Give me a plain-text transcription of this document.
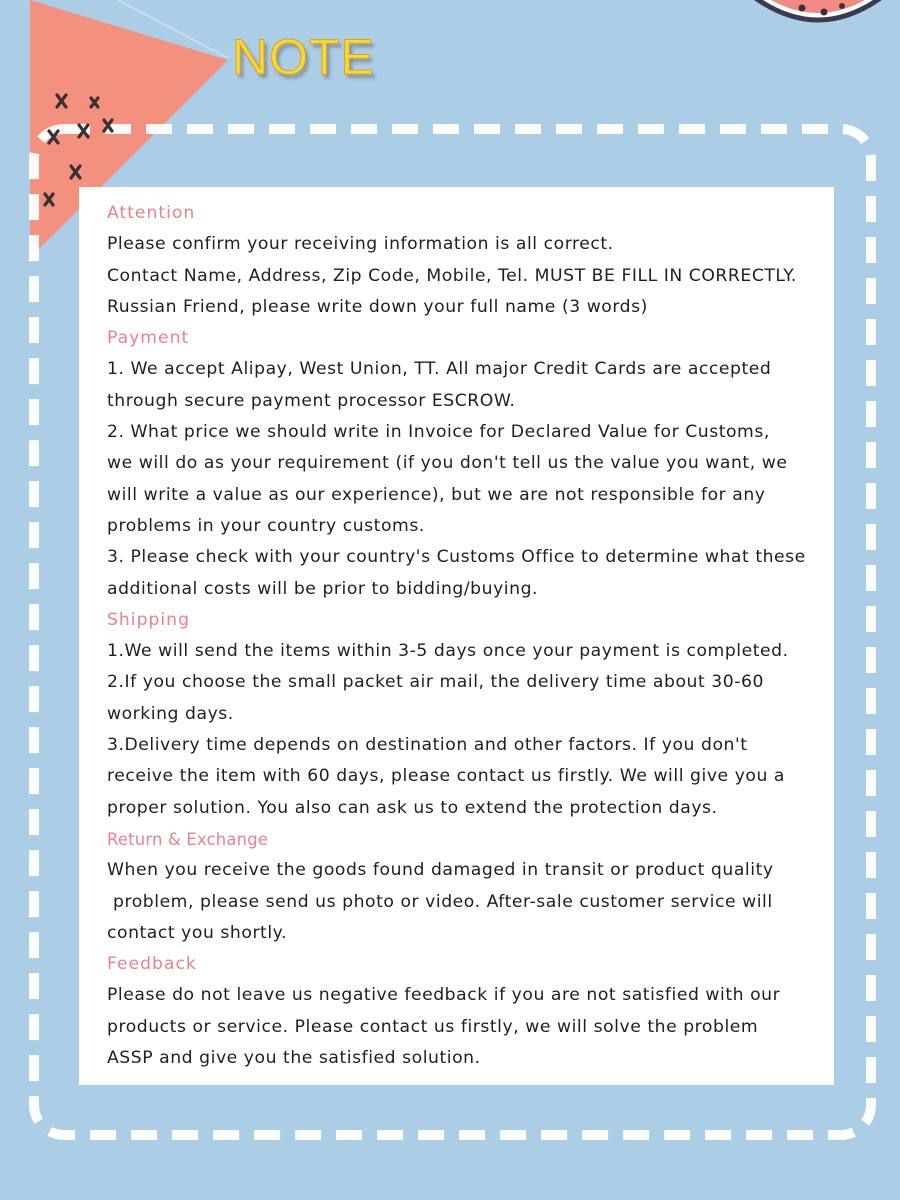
NOTE
Attention
Please confirm your receiving information is all correct.
Contact Name, Address, Zip Code, Mobile, Tel. MUST BE FILL IN CORRECTLY.
Russian Friend, please write down your full name (3 words)
Payment
1. We accept Alipay, West Union, TT. All major Credit Cards are accepted
through secure payment processor ESCROW.
2. What price we should write in Invoice for Declared Value for Customs,
we will do as your requirement (if you don't tell us the value you want, we
will write a value as our experience), but we are not responsible for any
problems in your country customs.
3. Please check with your country's Customs Office to determine what these
additional costs will be prior to bidding/buying.
Shipping
1.We will send the items within 3-5 days once your payment is completed.
2.If you choose the small packet air mail, the delivery time about 30-60
working days.
3.Delivery time depends on destination and other factors. If you don't
receive the item with 60 days, please contact us firstly. We will give you a
proper solution. You also can ask us to extend the protection days.
Return & Exchange
When you receive the goods found damaged in transit or product quality
problem, please send us photo or video. After-sale customer service will
contact you shortly.
Feedback
Please do not leave us negative feedback if you are not satisfied with our
products or service. Please contact us firstly, we will solve the problem
ASSP and give you the satisfied solution.
